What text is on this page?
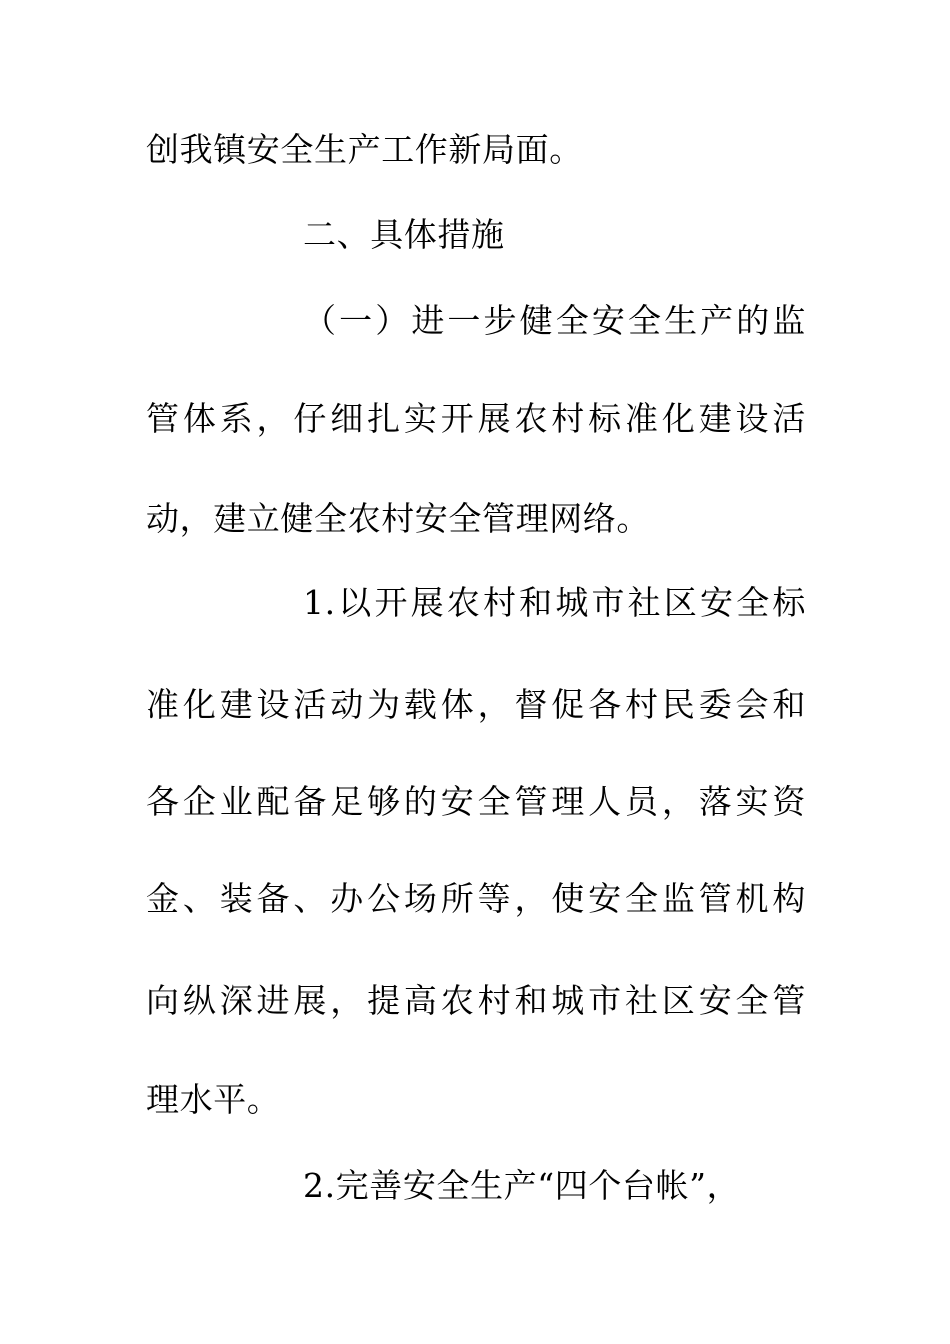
创我镇安全生产工作新局面。
二、具体措施
（一）进一步健全安全生产的监
管体系，仔细扎实开展农村标准化建设活
动，建立健全农村安全管理网络。
1.以开展农村和城市社区安全标
准化建设活动为载体，督促各村民委会和
各企业配备足够的安全管理人员，落实资
金、装备、办公场所等，使安全监管机构
向纵深进展，提高农村和城市社区安全管
理水平。
2.完善安全生产“四个台帐”，
